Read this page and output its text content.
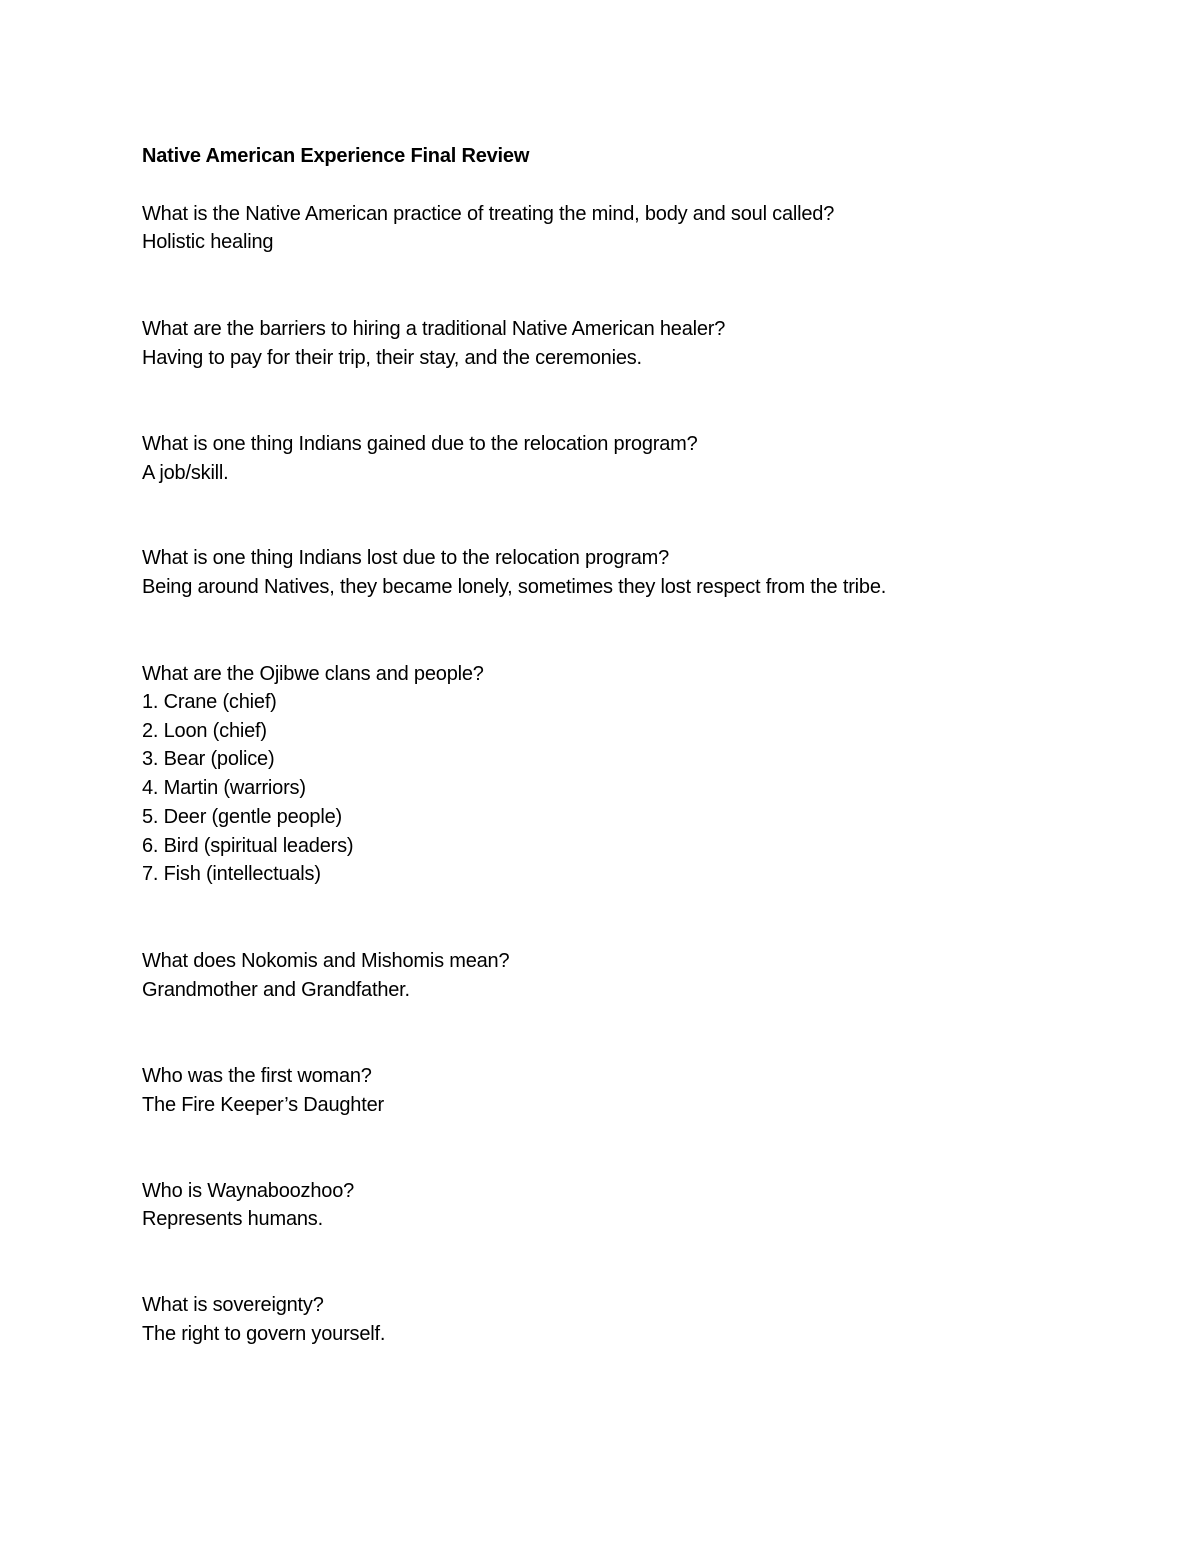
Native American Experience Final Review
What is the Native American practice of treating the mind, body and soul called?
Holistic healing
What are the barriers to hiring a traditional Native American healer?
Having to pay for their trip, their stay, and the ceremonies.
What is one thing Indians gained due to the relocation program?
A job/skill.
What is one thing Indians lost due to the relocation program?
Being around Natives, they became lonely, sometimes they lost respect from the tribe.
What are the Ojibwe clans and people?
1. Crane (chief)
2. Loon (chief)
3. Bear (police)
4. Martin (warriors)
5. Deer (gentle people)
6. Bird (spiritual leaders)
7. Fish (intellectuals)
What does Nokomis and Mishomis mean?
Grandmother and Grandfather.
Who was the first woman?
The Fire Keeper’s Daughter
Who is Waynaboozhoo?
Represents humans.
What is sovereignty?
The right to govern yourself.
